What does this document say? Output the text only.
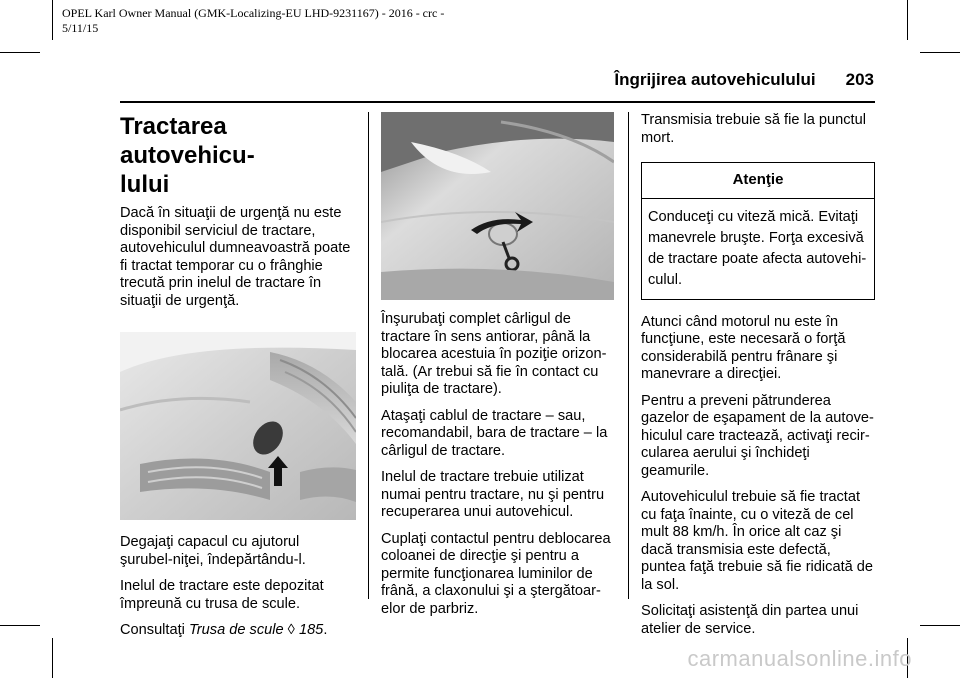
OPEL Karl Owner Manual (GMK-Localizing-EU LHD-9231167) - 2016 - crc -
5/11/15
Îngrijirea autovehiculului 203
Tractarea autovehicu-
lului

Dacă în situaţii de urgenţă nu este disponibil serviciul de tractare, autovehiculul dumneavoastră poate fi tractat temporar cu o frânghie trecută prin inelul de tractare în situaţii de urgenţă.

Degajaţi capacul cu ajutorul şurubel-niţei, îndepărtându-l.

Inelul de tractare este depozitat împreună cu trusa de scule.

Consultaţi Trusa de scule ◊ 185.

Înşurubaţi complet cârligul de tractare în sens antiorar, până la blocarea acestuia în poziţie orizon-tală. (Ar trebui să fie în contact cu piuliţa de tractare).

Ataşaţi cablul de tractare – sau, recomandabil, bara de tractare – la cârligul de tractare.

Inelul de tractare trebuie utilizat numai pentru tractare, nu şi pentru recuperarea unui autovehicul.

Cuplaţi contactul pentru deblocarea coloanei de direcţie şi pentru a permite funcţionarea luminilor de frână, a claxonului şi a ştergătoar-elor de parbriz.

Transmisia trebuie să fie la punctul mort.

Atenţie
Conduceţi cu viteză mică. Evitaţi manevrele bruşte. Forţa excesivă de tractare poate afecta autovehi-culul.

Atunci când motorul nu este în funcţiune, este necesară o forţă considerabilă pentru frânare şi manevrare a direcţiei.

Pentru a preveni pătrunderea gazelor de eşapament de la autove-hiculul care tractează, activaţi recir-cularea aerului şi închideţi geamurile.

Autovehiculul trebuie să fie tractat cu faţa înainte, cu o viteză de cel mult 88 km/h. În orice alt caz şi dacă transmisia este defectă, puntea faţă trebuie să fie ridicată de la sol.

Solicitaţi asistenţă din partea unui atelier de service.

carmanualsonline.info
